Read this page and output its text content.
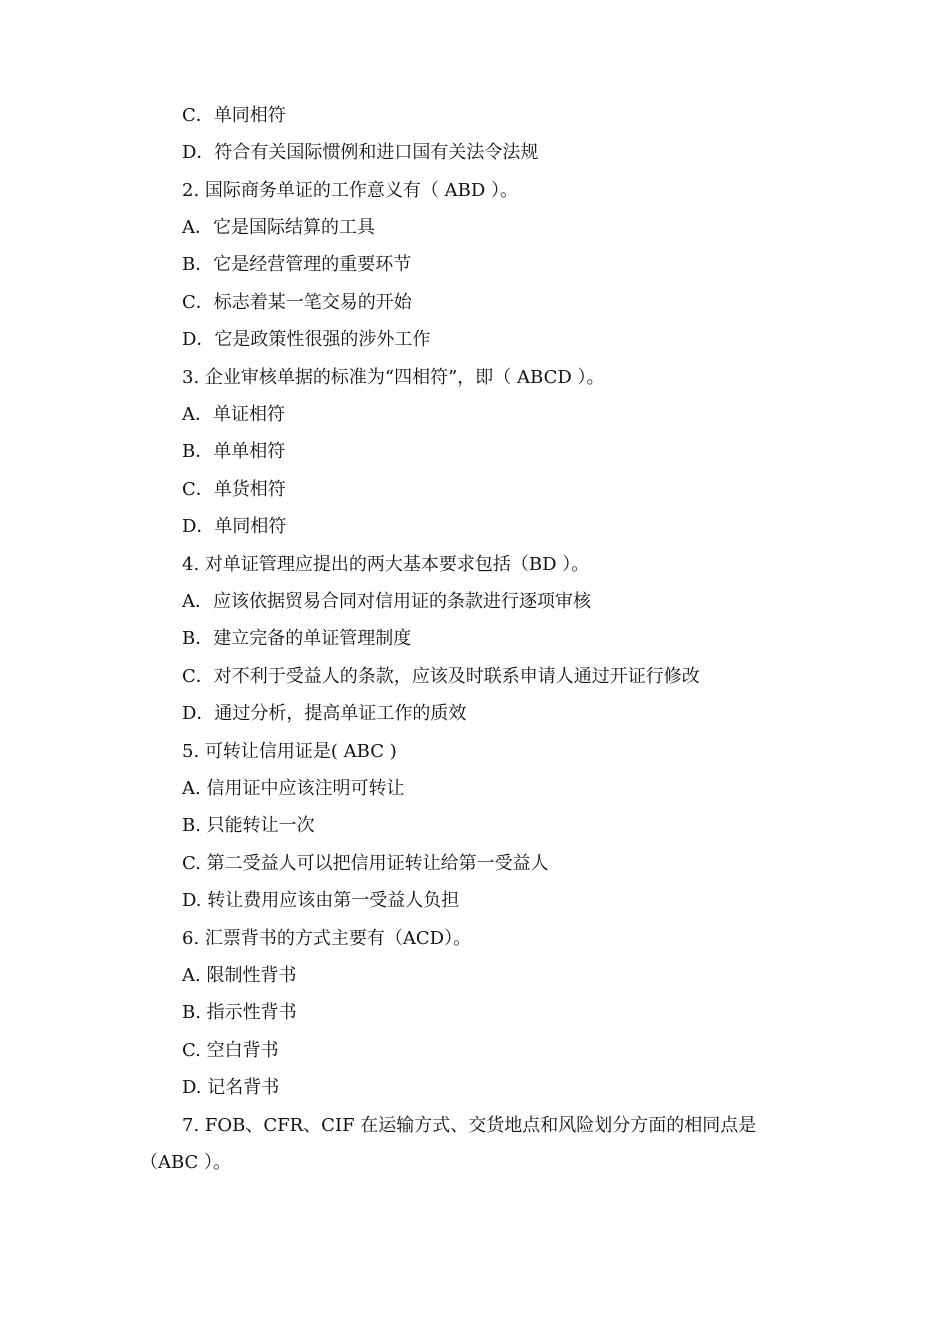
C．单同相符
D．符合有关国际惯例和进口国有关法令法规
2. 国际商务单证的工作意义有（ ABD ）。
A．它是国际结算的工具
B．它是经营管理的重要环节
C．标志着某一笔交易的开始
D．它是政策性很强的涉外工作
3. 企业审核单据的标准为“四相符”，即（ ABCD ）。
A．单证相符
B．单单相符
C．单货相符
D．单同相符
4. 对单证管理应提出的两大基本要求包括（BD ）。
A．应该依据贸易合同对信用证的条款进行逐项审核
B．建立完备的单证管理制度
C．对不利于受益人的条款，应该及时联系申请人通过开证行修改
D．通过分析，提高单证工作的质效
5. 可转让信用证是( ABC )
A. 信用证中应该注明可转让
B. 只能转让一次
C. 第二受益人可以把信用证转让给第一受益人
D. 转让费用应该由第一受益人负担
6. 汇票背书的方式主要有（ACD）。
A. 限制性背书
B. 指示性背书
C. 空白背书
D. 记名背书
7. FOB、CFR、CIF 在运输方式、交货地点和风险划分方面的相同点是
（ABC ）。
